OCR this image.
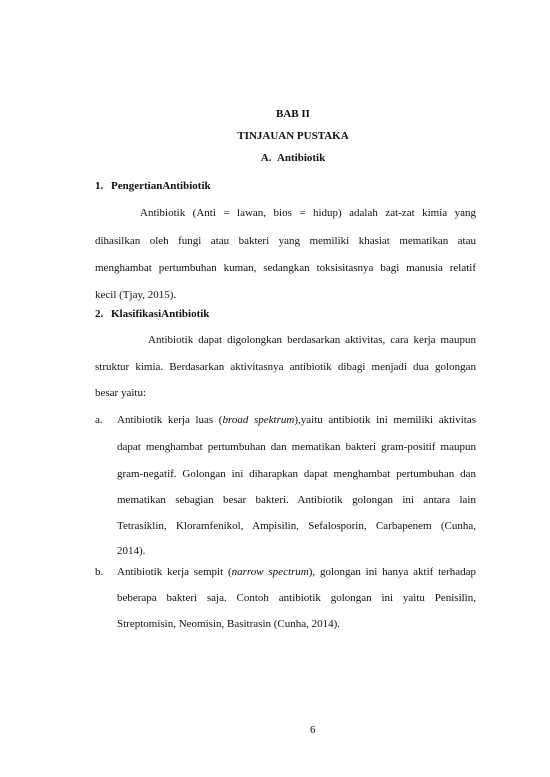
BAB II
TINJAUAN PUSTAKA
A.  Antibiotik
1. PengertianAntibiotik
Antibiotik (Anti = lawan, bios = hidup) adalah zat-zat kimia yang
dihasilkan oleh fungi atau bakteri yang memiliki khasiat mematikan atau
menghambat pertumbuhan kuman, sedangkan toksisitasnya bagi manusia relatif
kecil (Tjay, 2015).
2. KlasifikasiAntibiotik
Antibiotik dapat digolongkan berdasarkan aktivitas, cara kerja maupun
struktur kimia. Berdasarkan aktivitasnya antibiotik dibagi menjadi dua golongan
besar yaitu:
a. Antibiotik kerja luas (broad spektrum),yaitu antibiotik ini memiliki aktivitas
dapat menghambat pertumbuhan dan mematikan bakteri gram-positif maupun
gram-negatif. Golongan ini diharapkan dapat menghambat pertumbuhan dan
mematikan sebagian besar bakteri. Antibiotik golongan ini antara lain
Tetrasiklin, Kloramfenikol, Ampisilin, Sefalosporin, Carbapenem (Cunha,
2014).
b. Antibiotik kerja sempit (narrow spectrum), golongan ini hanya aktif terhadap
beberapa bakteri saja. Contoh antibiotik golongan ini yaitu Penisilin,
Streptomisin, Neomisin, Basitrasin (Cunha, 2014).
6
